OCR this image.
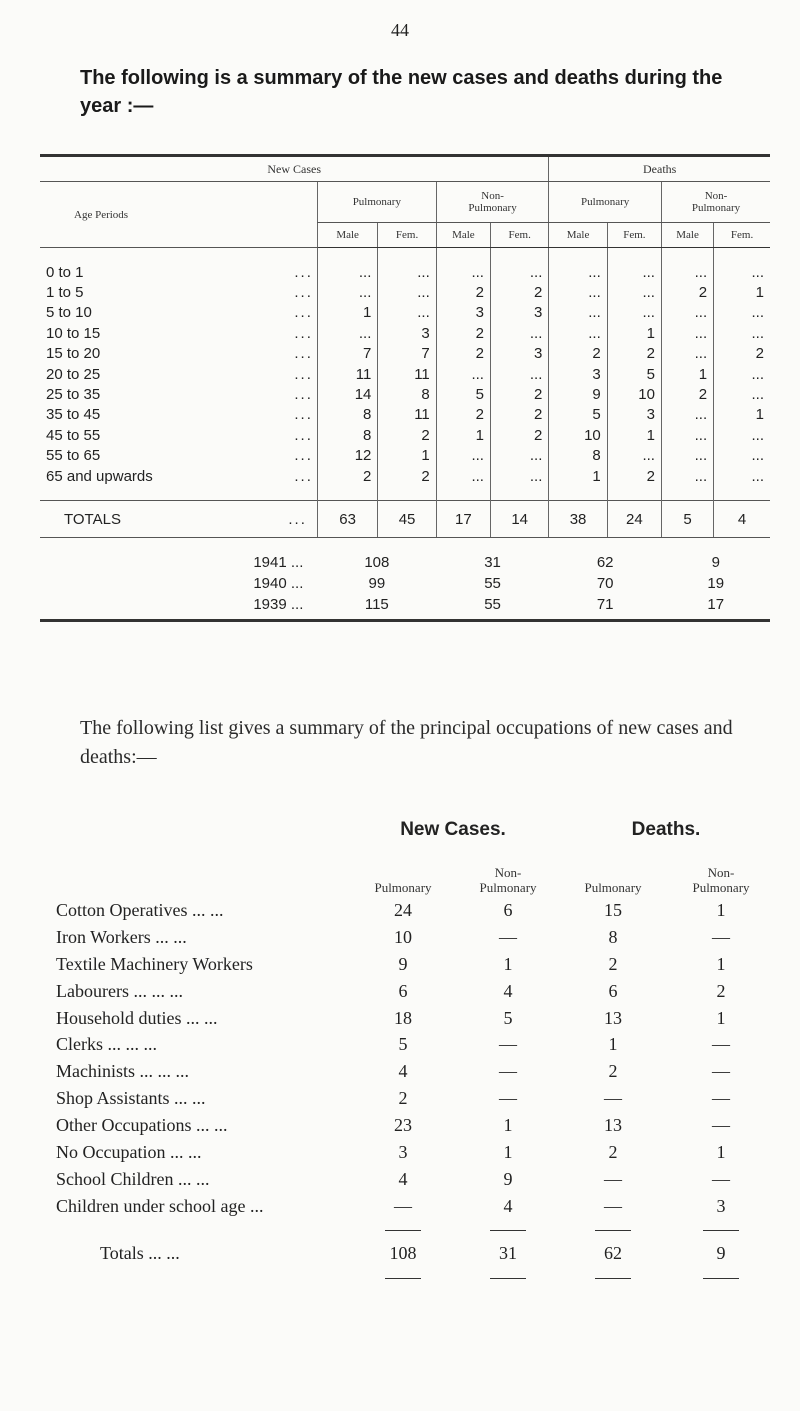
44
The following is a summary of the new cases and deaths during the year :—

New Cases					Deaths			
Age Periods	Pulmonary		Non-
Pulmonary		Pulmonary		Non-
Pulmonary	
	Male	Fem.	Male	Fem.	Male	Fem.	Male	Fem.
0 to 1 ...	...	...	...	...	...	...	...	...
1 to 5 ...	...	...	2	2	...	...	2	1
5 to 10 ...	1	...	3	3	...	...	...	...
10 to 15 ...	...	3	2	...	...	1	...	...
15 to 20 ...	7	7	2	3	2	2	...	2
20 to 25 ...	11	11	...	...	3	5	1	...
25 to 35 ...	14	8	5	2	9	10	2	...
35 to 45 ...	8	11	2	2	5	3	...	1
45 to 55 ...	8	2	1	2	10	1	...	...
55 to 65 ...	12	1	...	...	8	...	...	...
65 and upwards ...	2	2	...	...	1	2	...	...
TOTALS ...	63	45	17	14	38	24	5	4

1941 ...	108		31		62		9	
1940 ...	99		55		70		19	
1939 ...	115		55		71		17	

The following list gives a summary of the principal occupations of new cases and deaths:—
	New Cases.		Deaths.	
	Pulmonary	Non-
Pulmonary	Pulmonary	Non-
Pulmonary
Cotton Operatives ... ...	24	6	15	1
Iron Workers ... ...	10	—	8	—
Textile Machinery Workers	9	1	2	1
Labourers ... ... ...	6	4	6	2
Household duties ... ...	18	5	13	1
Clerks ... ... ...	5	—	1	—
Machinists ... ... ...	4	—	2	—
Shop Assistants ... ...	2	—	—	—
Other Occupations ... ...	23	1	13	—
No Occupation ... ...	3	1	2	1
School Children ... ...	4	9	—	—
Children under school age ...	—	4	—	3

Totals ... ...	108	31	62	9
